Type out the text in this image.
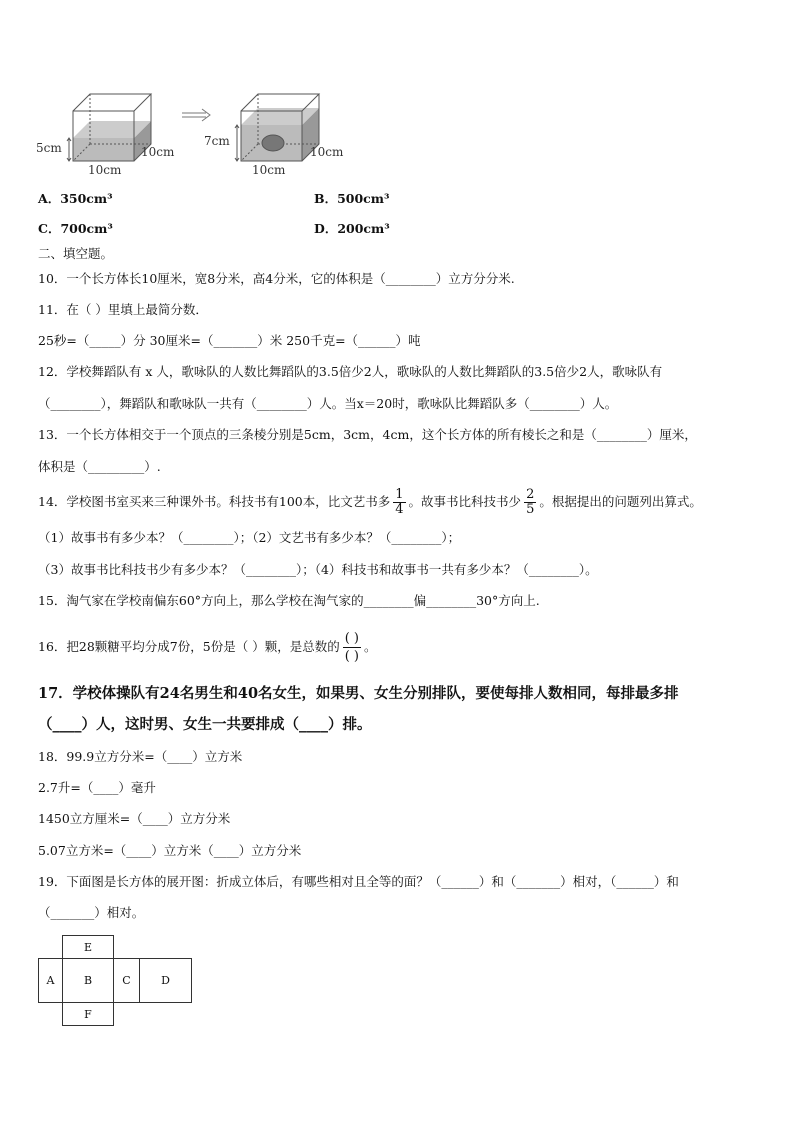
5cm
10cm
10cm
7cm
10cm
10cm
A．350cm³	B．500cm³
C．700cm³	D．200cm³
二、填空题。
10．一个长方体长10厘米，宽8分米，高4分米，它的体积是（________）立方分分米.
11．在（ ）里填上最简分数．
25秒=（_____）分 30厘米=（_______）米 250千克=（______）吨
12．学校舞蹈队有 x 人，歌咏队的人数比舞蹈队的3.5倍少2人，歌咏队的人数比舞蹈队的3.5倍少2人，歌咏队有
（________），舞蹈队和歌咏队一共有（________）人。当x＝20时，歌咏队比舞蹈队多（________）人。
13．一个长方体相交于一个顶点的三条棱分别是5cm，3cm，4cm，这个长方体的所有棱长之和是（________）厘米，
体积是（_________）.
14．学校图书室买来三种课外书。科技书有100本，比文艺书多 $\frac{1}{4}$ 。故事书比科技书少 $\frac{2}{5}$ 。根据提出的问题列出算式。
（1）故事书有多少本？（________）；（2）文艺书有多少本？（________）；
（3）故事书比科技书少有多少本？（________）；（4）科技书和故事书一共有多少本？（________）。
15．淘气家在学校南偏东60°方向上，那么学校在淘气家的________偏________30°方向上.
16．把28颗糖平均分成7份，5份是（ ）颗，是总数的 $\frac{( )}{( )}$ 。
17．学校体操队有24名男生和40名女生，如果男、女生分别排队，要使每排人数相同，每排最多排
（____）人，这时男、女生一共要排成（____）排。
18．99.9立方分米=（____）立方米
2.7升=（____）毫升
1450立方厘米=（____）立方分米
5.07立方米=（____）立方米（____）立方分米
19．下面图是长方体的展开图：折成立体后，有哪些相对且全等的面？（______）和（_______）相对，（______）和
（_______）相对。
E
A	B	C	D
F
